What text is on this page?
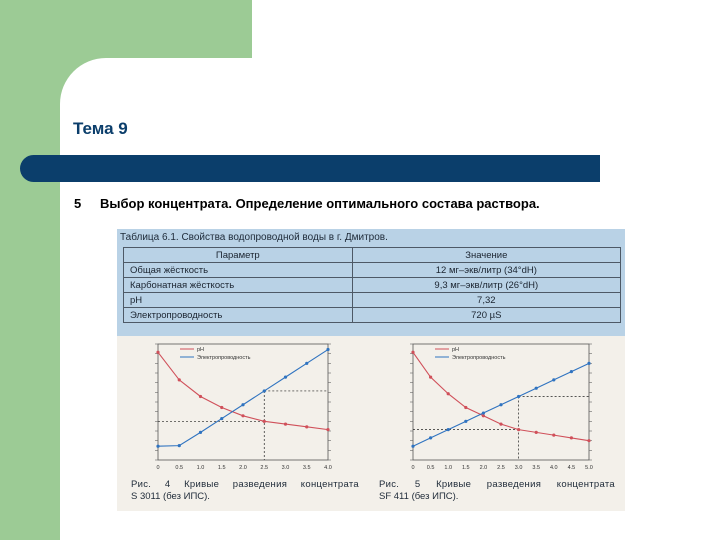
Тема 9
5 Выбор концентрата. Определение оптимального состава раствора.
Таблица 6.1. Свойства водопроводной воды в г. Дмитров.
Параметр	Значение
Общая жёсткость	12 мг–экв/литр (34°dH)
Карбонатная жёсткость	9,3 мг–экв/литр (26°dH)
pH	7,32
Электропроводность	720 µS
0	0.5 1.0 1.5 2.0 2.5 3.0 3.5 4.0
pH
Электропроводность
0 0.5 1.0 1.5 2.0 2.5 3.0 3.5 4.0 4.5 5.0
pH
Электропроводность
Рис. 4 Кривые разведения концентрата
S 3011 (без ИПС).
Рис. 5 Кривые разведения концентрата
SF 411 (без ИПС).
